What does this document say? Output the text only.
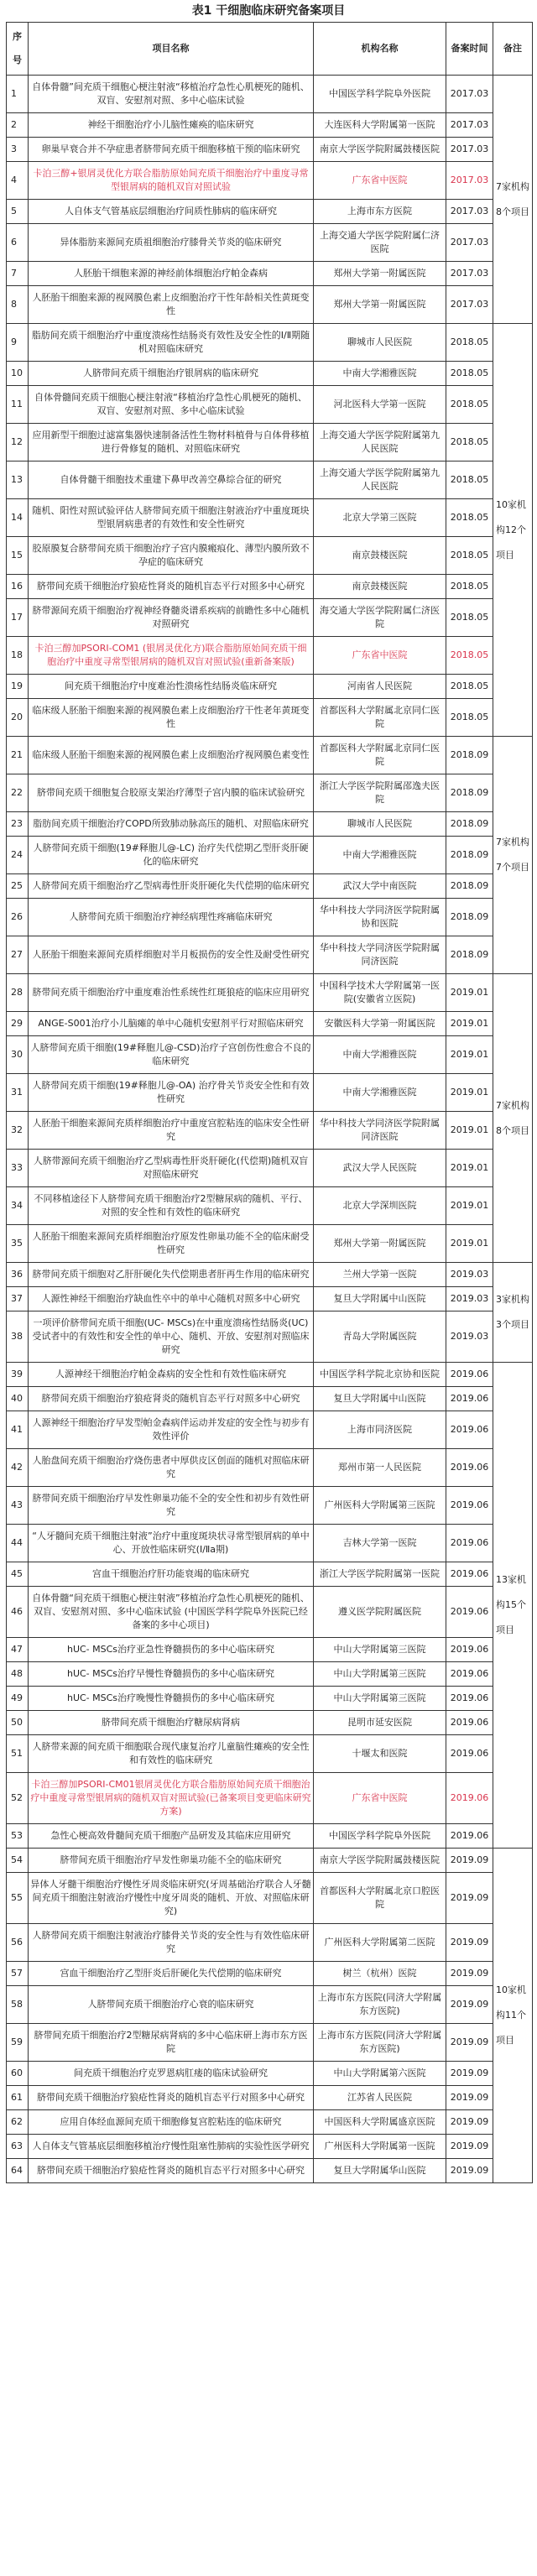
表1 干细胞临床研究备案项目
序号	项目名称	机构名称	备案时间	备注
1	自体骨髓”间充质干细胞心梗注射液“移植治疗急性心肌梗死的随机、双盲、安慰剂对照、多中心临床试验	中国医学科学院阜外医院	2017.03	7家机构8个项目
2	神经干细胞治疗小儿脑性瘫痪的临床研究	大连医科大学附属第一医院	2017.03	
3	卵巢早衰合并不孕症患者脐带间充质干细胞移植干预的临床研究	南京大学医学院附属鼓楼医院	2017.03	
4	卡泊三醇+银屑灵优化方联合脂肪原始间充质干细胞治疗中重度寻常型银屑病的随机双盲对照试验	广东省中医院	2017.03	
5	人自体支气管基底层细胞治疗间质性肺病的临床研究	上海市东方医院	2017.03	
6	异体脂肪来源间充质祖细胞治疗膝骨关节炎的临床研究	上海交通大学医学院附属仁济医院	2017.03	
7	人胚胎干细胞来源的神经前体细胞治疗帕金森病	郑州大学第一附属医院	2017.03	
8	人胚胎干细胞来源的视网膜色素上皮细胞治疗干性年龄相关性黄斑变性	郑州大学第一附属医院	2017.03	
9	脂肪间充质干细胞治疗中重度溃疡性结肠炎有效性及安全性的Ⅰ/Ⅱ期随机对照临床研究	聊城市人民医院	2018.05	10家机构12个项目
10	人脐带间充质干细胞治疗银屑病的临床研究	中南大学湘雅医院	2018.05	
11	自体骨髓间充质干细胞心梗注射液“移植治疗急性心肌梗死的随机、双盲、安慰剂对照、多中心临床试验	河北医科大学第一医院	2018.05	
12	应用新型干细胞过滤富集器快速制备活性生物材料植骨与自体骨移植进行骨修复的随机、对照临床研究	上海交通大学医学院附属第九人民医院	2018.05	
13	自体骨髓干细胞技术重建下鼻甲改善空鼻综合征的研究	上海交通大学医学院附属第九人民医院	2018.05	
14	随机、阳性对照试验评估人脐带间充质干细胞注射液治疗中重度斑块型银屑病患者的有效性和安全性研究	北京大学第三医院	2018.05	
15	胶原膜复合脐带间充质干细胞治疗子宫内膜瘢痕化、薄型内膜所致不孕症的临床研究	南京鼓楼医院	2018.05	
16	脐带间充质干细胞治疗狼疮性肾炎的随机盲态平行对照多中心研究	南京鼓楼医院	2018.05	
17	脐带源间充质干细胞治疗视神经脊髓炎谱系疾病的前瞻性多中心随机对照研究	海交通大学医学院附属仁济医院	2018.05	
18	卡泊三醇加PSORI-COM1 (银屑灵优化方)联合脂肪原始间充质干细胞治疗中重度寻常型银屑病的随机双盲对照试验(重新备案版)	广东省中医院	2018.05	
19	间充质干细胞治疗中度难治性溃疡性结肠炎临床研究	河南省人民医院	2018.05	
20	临床级人胚胎干细胞来源的视网膜色素上皮细胞治疗干性老年黄斑变性	首都医科大学附属北京同仁医院	2018.05	
21	临床级人胚胎干细胞来源的视网膜色素上皮细胞治疗视网膜色素变性	首都医科大学附属北京同仁医院	2018.09	7家机构7个项目
22	脐带间充质干细胞复合胶原支架治疗薄型子宫内膜的临床试验研究	浙江大学医学院附属邵逸夫医院	2018.09	
23	脂肪间充质干细胞治疗COPD所致肺动脉高压的随机、对照临床研究	聊城市人民医院	2018.09	
24	人脐带间充质干细胞(19#释胞儿@-LC) 治疗失代偿期乙型肝炎肝硬化的临床研究	中南大学湘雅医院	2018.09	
25	人脐带间充质干细胞治疗乙型病毒性肝炎肝硬化失代偿期的临床研究	武汉大学中南医院	2018.09	
26	人脐带间充质干细胞治疗神经病理性疼痛临床研究	华中科技大学同济医学院附属协和医院	2018.09	
27	人胚胎干细胞来源间充质样细胞对半月板损伤的安全性及耐受性研究	华中科技大学同济医学院附属同济医院	2018.09	
28	脐带间充质干细胞治疗中重度难治性系统性红斑狼疮的临床应用研究	中国科学技术大学附属第一医院(安徽省立医院)	2019.01	7家机构8个项目
29	ANGE-S001治疗小儿脑瘫的单中心随机安慰剂平行对照临床研究	安徽医科大学第一附属医院	2019.01	
30	人脐带间充质干细胞(19#释胞儿@-CSD)治疗子宫创伤性愈合不良的临床研究	中南大学湘雅医院	2019.01	
31	人脐带间充质干细胞(19#释胞儿@-OA) 治疗骨关节炎安全性和有效性研究	中南大学湘雅医院	2019.01	
32	人胚胎干细胞来源间充质样细胞治疗中重度宫腔粘连的临床安全性研究	华中科技大学同济医学院附属同济医院	2019.01	
33	人脐带源间充质干细胞治疗乙型病毒性肝炎肝硬化(代偿期)随机双盲对照临床研究	武汉大学人民医院	2019.01	
34	不同移植途径下人脐带间充质干细胞治疗2型糖尿病的随机、平行、对照的安全性和有效性的临床研究	北京大学深圳医院	2019.01	
35	人胚胎干细胞来源间充质样细胞治疗原发性卵巢功能不全的临床耐受性研究	郑州大学第一附属医院	2019.01	
36	脐带间充质干细胞对乙肝肝硬化失代偿期患者肝再生作用的临床研究	兰州大学第一医院	2019.03	3家机构3个项目
37	人源性神经干细胞治疗缺血性卒中的单中心随机对照多中心研究	复旦大学附属中山医院	2019.03	
38	一项评价脐带间充质干细胞(UC- MSCs)在中重度溃疡性结肠炎(UC) 受试者中的有效性和安全性的单中心、随机、开放、安慰剂对照临床研究	青岛大学附属医院	2019.03	
39	人源神经干细胞治疗帕金森病的安全性和有效性临床研究	中国医学科学院北京协和医院	2019.06	13家机构15个项目
40	脐带间充质干细胞治疗狼疮肾炎的随机盲态平行对照多中心研究	复旦大学附属中山医院	2019.06	
41	人源神经干细胞治疗早发型帕金森病伴运动并发症的安全性与初步有效性评价	上海市同济医院	2019.06	
42	人胎盘间充质干细胞治疗烧伤患者中厚供皮区创面的随机对照临床研究	郑州市第一人民医院	2019.06	
43	脐带间充质干细胞治疗早发性卵巢功能不全的安全性和初步有效性研究	广州医科大学附属第三医院	2019.06	
44	“人牙髓间充质干细胞注射液”治疗中重度斑块状寻常型银屑病的单中心、开放性临床研究(Ⅰ/Ⅱa期)	吉林大学第一医院	2019.06	
45	宫血干细胞治疗肝功能衰竭的临床研究	浙江大学医学院附属第一医院	2019.06	
46	自体骨髓“间充质干细胞心梗注射液”移植治疗急性心肌梗死的随机、双盲、安慰剂对照、多中心临床试验 (中国医学科学院阜外医院已经备案的多中心项目)	遵义医学院附属医院	2019.06	
47	hUC- MSCs治疗亚急性脊髓损伤的多中心临床研究	中山大学附属第三医院	2019.06	
48	hUC- MSCs治疗早慢性脊髓损伤的多中心临床研究	中山大学附属第三医院	2019.06	
49	hUC- MSCs治疗晚慢性脊髓损伤的多中心临床研究	中山大学附属第三医院	2019.06	
50	脐带间充质干细胞治疗糖尿病肾病	昆明市延安医院	2019.06	
51	人脐带来源的间充质干细胞联合现代康复治疗儿童脑性瘫痪的安全性和有效性的临床研究	十堰太和医院	2019.06	
52	卡泊三醇加PSORI-CM01银屑灵优化方联合脂肪原始间充质干细胞治疗中重度寻常型银屑病的随机双盲对照试验(已备案项目变更临床研究方案)	广东省中医院	2019.06	
53	急性心梗高效骨髓间充质干细胞产品研发及其临床应用研究	中国医学科学院阜外医院	2019.06	
54	脐带间充质干细胞治疗早发性卵巢功能不全的临床研究	南京大学医学院附属鼓楼医院	2019.09	10家机构11个项目
55	异体人牙髓干细胞治疗慢性牙周炎临床研究(牙周基础治疗联合人牙髓间充质干细胞注射液治疗慢性中度牙周炎的随机、开放、对照临床研究)	首都医科大学附属北京口腔医院	2019.09	
56	人脐带间充质干细胞注射液治疗膝骨关节炎的安全性与有效性临床研究	广州医科大学附属第二医院	2019.09	
57	宫血干细胞治疗乙型肝炎后肝硬化失代偿期的临床研究	树兰（杭州）医院	2019.09	
58	人脐带间充质干细胞治疗心衰的临床研究	上海市东方医院(同济大学附属东方医院)	2019.09	
59	脐带间充质干细胞治疗2型糖尿病肾病的多中心临床研上海市东方医院	上海市东方医院(同济大学附属东方医院)	2019.09	
60	间充质干细胞治疗克罗恩病肛瘘的临床试验研究	中山大学附属第六医院	2019.09	
61	脐带间充质干细胞治疗狼疮性肾炎的随机盲态平行对照多中心研究	江苏省人民医院	2019.09	
62	应用自体经血源间充质干细胞修复宫腔粘连的临床研究	中国医科大学附属盛京医院	2019.09	
63	人自体支气管基底层细胞移植治疗慢性阻塞性肺病的实验性医学研究	广州医科大学附属第一医院	2019.09	
64	脐带间充质干细胞治疗狼疮性肾炎的随机盲态平行对照多中心研究	复旦大学附属华山医院	2019.09	
